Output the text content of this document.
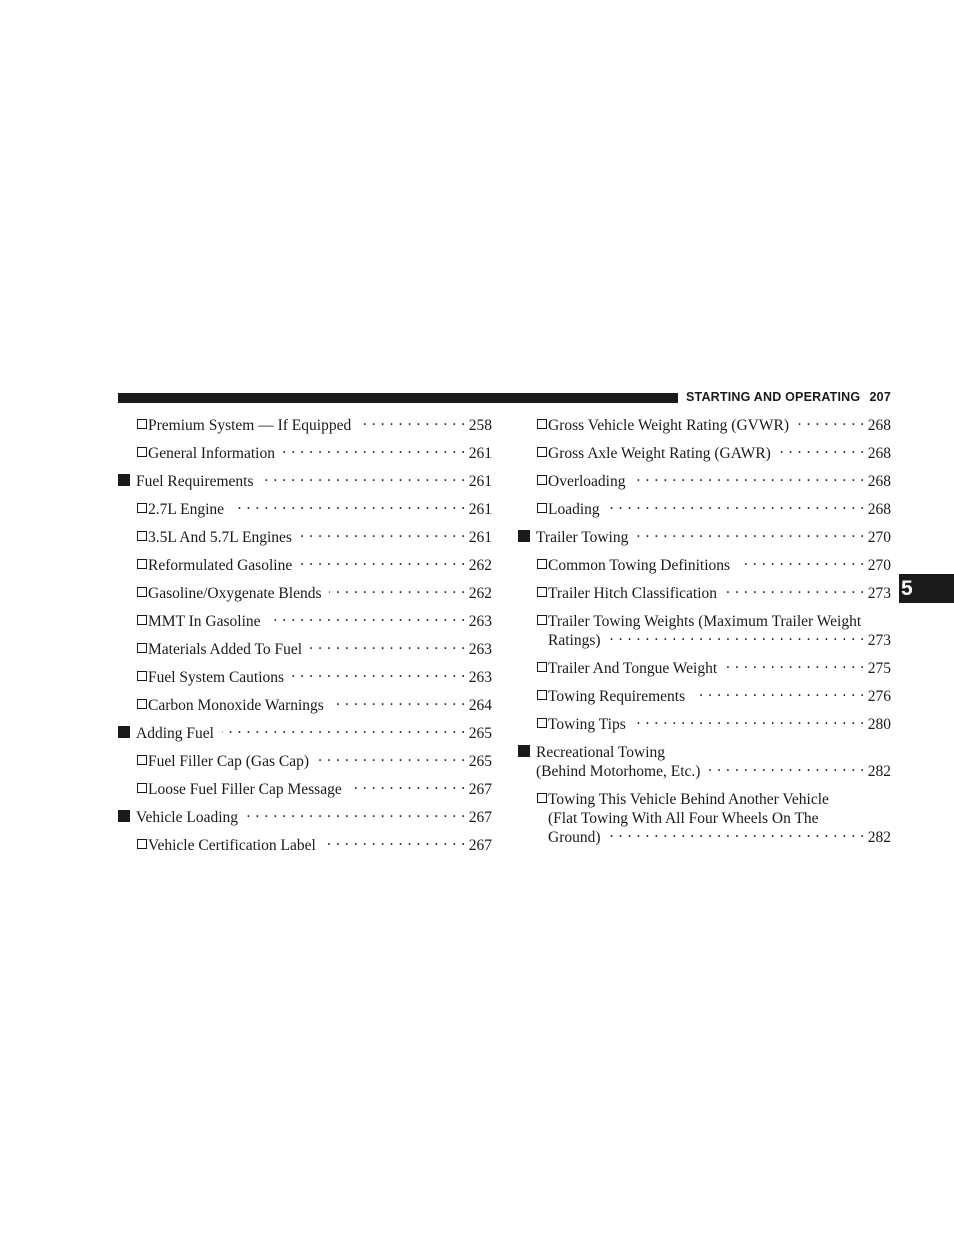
STARTING AND OPERATING 207
5
Premium System — If Equipped . . .	258
General Information . . .	261
Fuel Requirements . . .	261
2.7L Engine . . .	261
3.5L And 5.7L Engines . . .	261
Reformulated Gasoline . . .	262
Gasoline/Oxygenate Blends . . .	262
MMT In Gasoline . . .	263
Materials Added To Fuel . . .	263
Fuel System Cautions . . .	263
Carbon Monoxide Warnings . . .	264
Adding Fuel . . .	265
Fuel Filler Cap (Gas Cap) . . .	265
Loose Fuel Filler Cap Message . . .	267
Vehicle Loading . . .	267
Vehicle Certification Label . . .	267
Gross Vehicle Weight Rating (GVWR) . . .	268
Gross Axle Weight Rating (GAWR) . . .	268
Overloading . . .	268
Loading . . .	268
Trailer Towing . . .	270
Common Towing Definitions . . .	270
Trailer Hitch Classification . . .	273
Trailer Towing Weights (Maximum Trailer Weight
Ratings) . . .	273
Trailer And Tongue Weight . . .	275
Towing Requirements . . .	276
Towing Tips . . .	280
Recreational Towing
(Behind Motorhome, Etc.) . . .	282
Towing This Vehicle Behind Another Vehicle
(Flat Towing With All Four Wheels On The
Ground) . . .	282
